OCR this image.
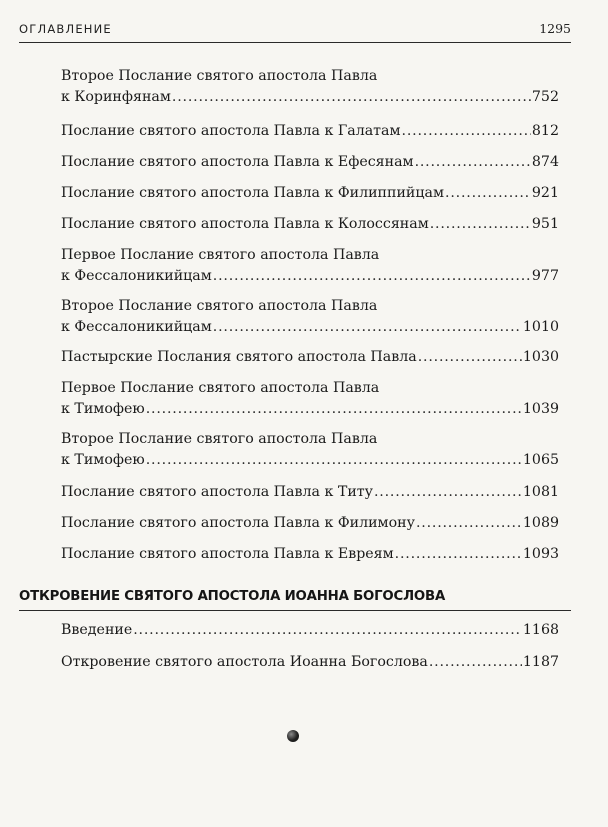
ОГЛАВЛЕНИЕ	1295
Второе Послание святого апостола Павла
к Коринфянам .....	752
Послание святого апостола Павла к Галатам .....	812
Послание святого апостола Павла к Ефесянам .....	874
Послание святого апостола Павла к Филиппийцам .....	921
Послание святого апостола Павла к Колоссянам .....	951
Первое Послание святого апостола Павла
к Фессалоникийцам .....	977
Второе Послание святого апостола Павла
к Фессалоникийцам .....	1010
Пастырские Послания святого апостола Павла .....	1030
Первое Послание святого апостола Павла
к Тимофею .....	1039
Второе Послание святого апостола Павла
к Тимофею .....	1065
Послание святого апостола Павла к Титу .....	1081
Послание святого апостола Павла к Филимону .....	1089
Послание святого апостола Павла к Евреям .....	1093
ОТКРОВЕНИЕ СВЯТОГО АПОСТОЛА ИОАННА БОГОСЛОВА
Введение .....	1168
Откровение святого апостола Иоанна Богослова .....	1187
